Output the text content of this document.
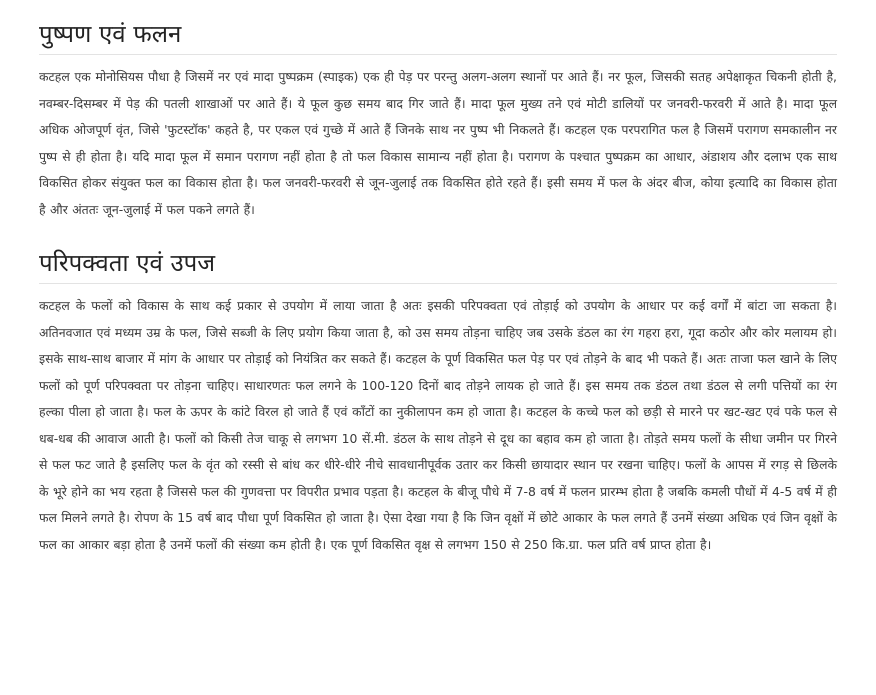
पुष्पण एवं फलन

कटहल एक मोनोसियस पौधा है जिसमें नर एवं मादा पुष्पक्रम (स्पाइक) एक ही पेड़ पर परन्तु अलग-अलग स्थानों पर आते हैं। नर फूल, जिसकी सतह अपेक्षाकृत चिकनी होती है, नवम्बर-दिसम्बर में पेड़ की पतली शाखाओं पर आते हैं। ये फूल कुछ समय बाद गिर जाते हैं। मादा फूल मुख्य तने एवं मोटी डालियों पर जनवरी-फरवरी में आते है। मादा फूल अधिक ओजपूर्ण वृंत, जिसे 'फुटस्टॉक' कहते है, पर एकल एवं गुच्छे में आते हैं जिनके साथ नर पुष्प भी निकलते हैं। कटहल एक परपरागित फल है जिसमें परागण समकालीन नर पुष्प से ही होता है। यदि मादा फूल में समान परागण नहीं होता है तो फल विकास सामान्य नहीं होता है। परागण के पश्चात पुष्पक्रम का आधार, अंडाशय और दलाभ एक साथ विकसित होकर संयुक्त फल का विकास होता है। फल जनवरी-फरवरी से जून-जुलाई तक विकसित होते रहते हैं। इसी समय में फल के अंदर बीज, कोया इत्यादि का विकास होता है और अंततः जून-जुलाई में फल पकने लगते हैं।

परिपक्वता एवं उपज

कटहल के फलों को विकास के साथ कई प्रकार से उपयोग में लाया जाता है अतः इसकी परिपक्वता एवं तोड़ाई को उपयोग के आधार पर कई वर्गों में बांटा जा सकता है। अतिनवजात एवं मध्यम उम्र के फल, जिसे सब्जी के लिए प्रयोग किया जाता है, को उस समय तोड़ना चाहिए जब उसके डंठल का रंग गहरा हरा, गूदा कठोर और कोर मलायम हो। इसके साथ-साथ बाजार में मांग के आधार पर तोड़ाई को नियंत्रित कर सकते हैं। कटहल के पूर्ण विकसित फल पेड़ पर एवं तोड़ने के बाद भी पकते हैं। अतः ताजा फल खाने के लिए फलों को पूर्ण परिपक्वता पर तोड़ना चाहिए। साधारणतः फल लगने के 100-120 दिनों बाद तोड़ने लायक हो जाते हैं। इस समय तक डंठल तथा डंठल से लगी पत्तियों का रंग हल्का पीला हो जाता है। फल के ऊपर के कांटे विरल हो जाते हैं एवं काँटों का नुकीलापन कम हो जाता है। कटहल के कच्चे फल को छड़ी से मारने पर खट-खट एवं पके फल से धब-धब की आवाज आती है। फलों को किसी तेज चाकू से लगभग 10 सें.मी. डंठल के साथ तोड़ने से दूध का बहाव कम हो जाता है। तोड़ते समय फलों के सीधा जमीन पर गिरने से फल फट जाते है इसलिए फल के वृंत को रस्सी से बांध कर धीरे-धीरे नीचे सावधानीपूर्वक उतार कर किसी छायादार स्थान पर रखना चाहिए। फलों के आपस में रगड़ से छिलके के भूरे होने का भय रहता है जिससे फल की गुणवत्ता पर विपरीत प्रभाव पड़ता है। कटहल के बीजू पौधे में 7-8 वर्ष में फलन प्रारम्भ होता है जबकि कमली पौधों में 4-5 वर्ष में ही फल मिलने लगते है। रोपण के 15 वर्ष बाद पौधा पूर्ण विकसित हो जाता है। ऐसा देखा गया है कि जिन वृक्षों में छोटे आकार के फल लगते हैं उनमें संख्या अधिक एवं जिन वृक्षों के फल का आकार बड़ा होता है उनमें फलों की संख्या कम होती है। एक पूर्ण विकसित वृक्ष से लगभग 150 से 250 कि.ग्रा. फल प्रति वर्ष प्राप्त होता है।
